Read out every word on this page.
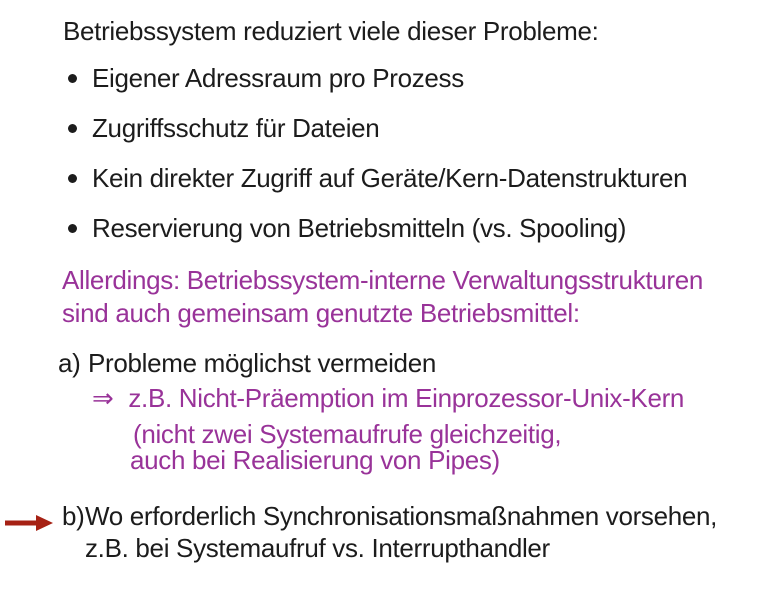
Betriebssystem reduziert viele dieser Probleme:
Eigener Adressraum pro Prozess
Zugriffsschutz für Dateien
Kein direkter Zugriff auf Geräte/Kern-Datenstrukturen
Reservierung von Betriebsmitteln (vs. Spooling)
Allerdings: Betriebssystem-interne Verwaltungsstrukturen
sind auch gemeinsam genutzte Betriebsmittel:
a) Probleme möglichst vermeiden
⇒ z.B. Nicht-Präemption im Einprozessor-Unix-Kern
(nicht zwei Systemaufrufe gleichzeitig,
auch bei Realisierung von Pipes)
b) Wo erforderlich Synchronisationsmaßnahmen vorsehen,
z.B. bei Systemaufruf vs. Interrupthandler
